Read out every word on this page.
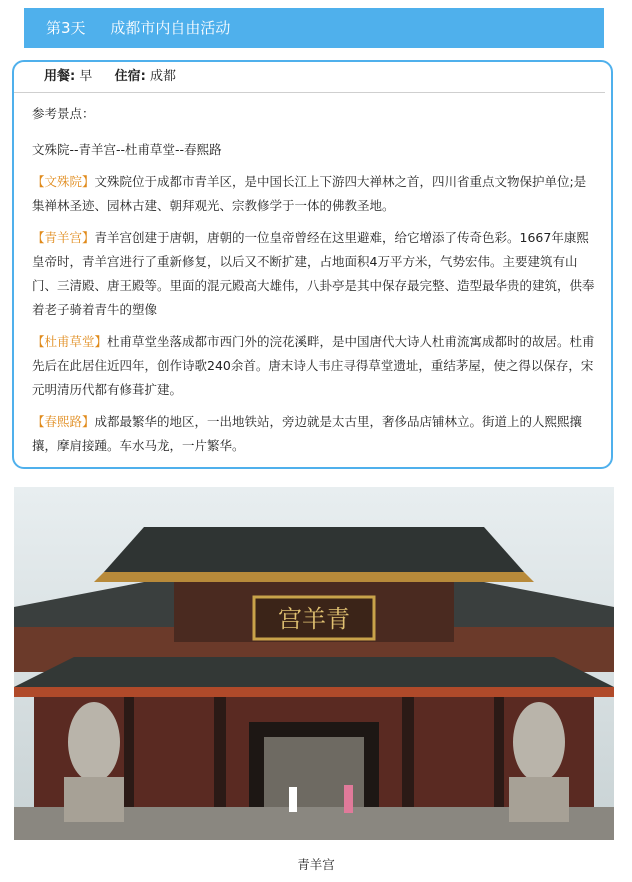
第3天 成都市内自由活动
用餐: 早 住宿: 成都
参考景点：
文殊院--青羊宫--杜甫草堂--春熙路
【文殊院】文殊院位于成都市青羊区，是中国长江上下游四大禅林之首，四川省重点文物保护单位;是集禅林圣迹、园林古建、朝拜观光、宗教修学于一体的佛教圣地。
【青羊宫】青羊宫创建于唐朝，唐朝的一位皇帝曾经在这里避难，给它增添了传奇色彩。1667年康熙皇帝时，青羊宫进行了重新修复，以后又不断扩建，占地面积4万平方米，气势宏伟。主要建筑有山门、三清殿、唐王殿等。里面的混元殿高大雄伟，八卦亭是其中保存最完整、造型最华贵的建筑，供奉着老子骑着青牛的塑像
【杜甫草堂】杜甫草堂坐落成都市西门外的浣花溪畔，是中国唐代大诗人杜甫流寓成都时的故居。杜甫先后在此居住近四年，创作诗歌240余首。唐末诗人韦庄寻得草堂遗址，重结茅屋，使之得以保存，宋元明清历代都有修葺扩建。
【春熙路】成都最繁华的地区，一出地铁站，旁边就是太古里，奢侈品店铺林立。街道上的人熙熙攘攘，摩肩接踵。车水马龙，一片繁华。
宫羊青
青羊宫
